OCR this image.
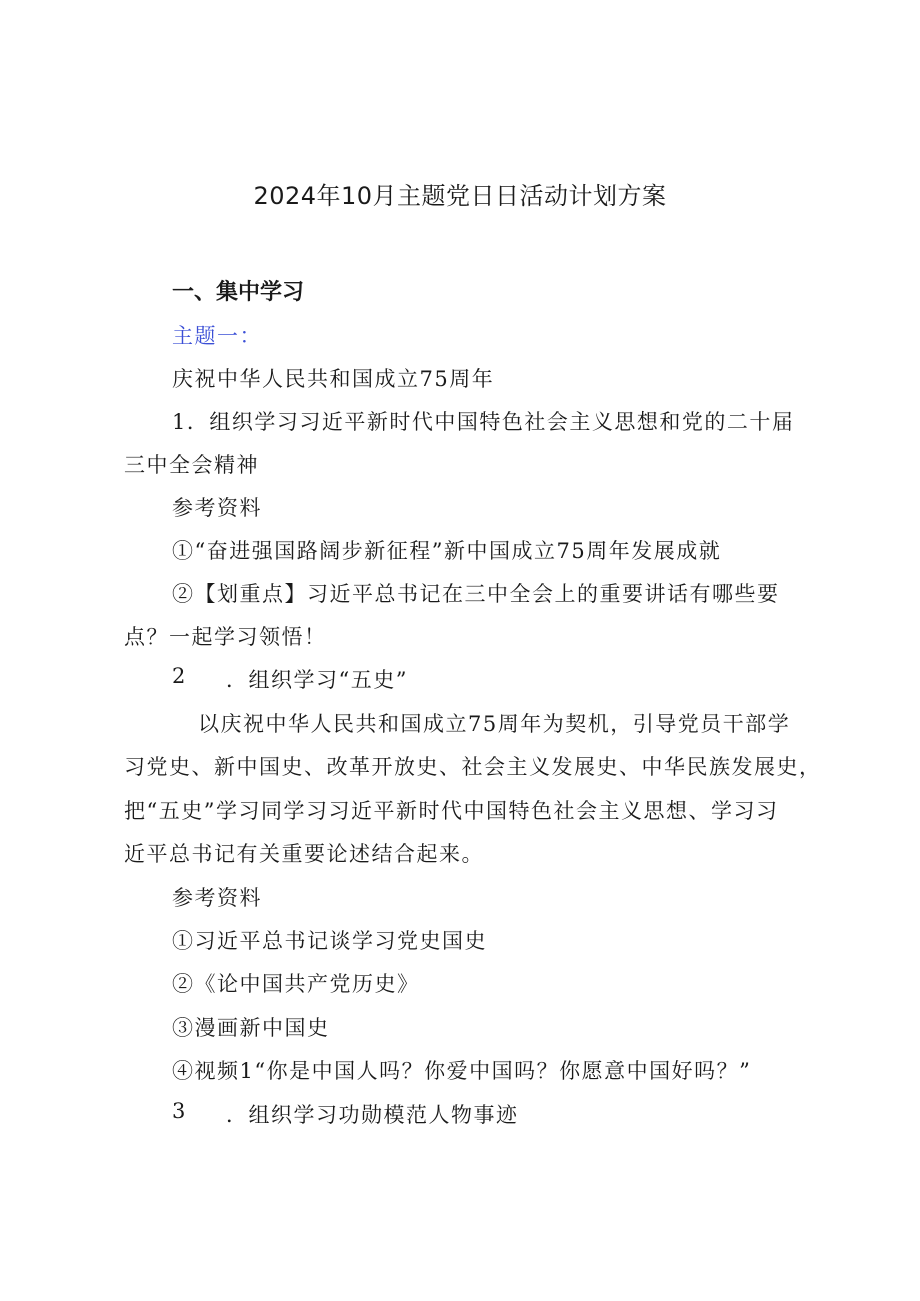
2024年10月主题党日日活动计划方案
一、集中学习
主题一：
庆祝中华人民共和国成立75周年
1．组织学习习近平新时代中国特色社会主义思想和党的二十届
三中全会精神
参考资料
①“奋进强国路阔步新征程”新中国成立75周年发展成就
②【划重点】习近平总书记在三中全会上的重要讲话有哪些要
点？一起学习领悟！
2 ．组织学习“五史”
以庆祝中华人民共和国成立75周年为契机，引导党员干部学
习党史、新中国史、改革开放史、社会主义发展史、中华民族发展史，
把“五史”学习同学习习近平新时代中国特色社会主义思想、学习习
近平总书记有关重要论述结合起来。
参考资料
①习近平总书记谈学习党史国史
②《论中国共产党历史》
③漫画新中国史
④视频1“你是中国人吗？你爱中国吗？你愿意中国好吗？”
3 ．组织学习功勋模范人物事迹
